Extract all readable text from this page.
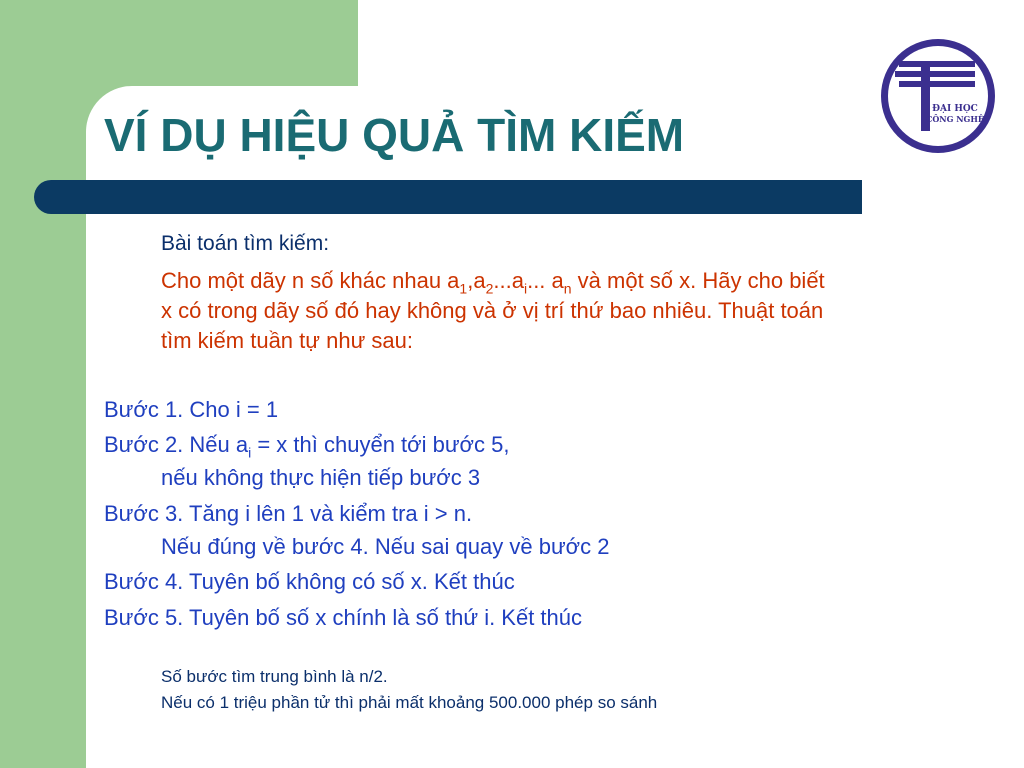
VÍ DỤ HIỆU QUẢ TÌM KIẾM	ĐẠI HỌC
CÔNG NGHỆ

Bài toán tìm kiếm:

Cho một dãy n số khác nhau $a_1,a_2...a_i$... $a_n$ và một số x. Hãy cho biết
x có trong dãy số đó hay không và ở vị trí thứ bao nhiêu. Thuật toán
tìm kiếm tuần tự như sau:

Bước 1. Cho i = 1

Bước 2. Nếu $a_i = x$ thì chuyển tới bước 5,
nếu không thực hiện tiếp bước 3

Bước 3. Tăng i lên 1 và kiểm tra i > n.
Nếu đúng về bước 4. Nếu sai quay về bước 2

Bước 4. Tuyên bố không có số x. Kết thúc

Bước 5. Tuyên bố số x chính là số thứ i. Kết thúc

Số bước tìm trung bình là n/2.

Nếu có 1 triệu phần tử thì phải mất khoảng 500.000 phép so sánh
